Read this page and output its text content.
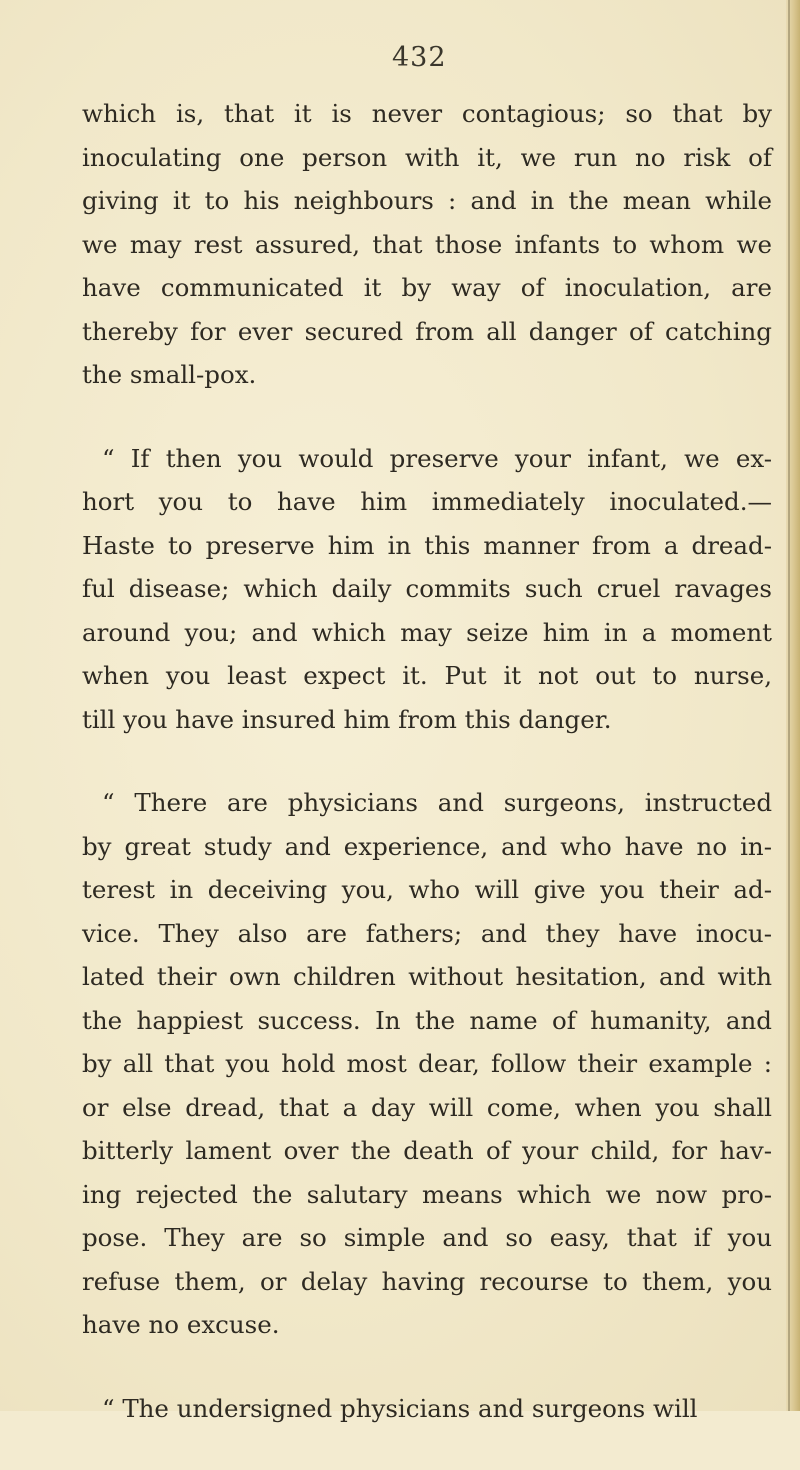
432
which is, that it is never contagious; so that by
inoculating one person with it, we run no risk of
giving it to his neighbours : and in the mean while
we may rest assured, that those infants to whom we
have communicated it by way of inoculation, are
thereby for ever secured from all danger of catching
the small-pox.
“ If then you would preserve your infant, we ex-
hort you to have him immediately inoculated.—
Haste to preserve him in this manner from a dread-
ful disease; which daily commits such cruel ravages
around you; and which may seize him in a moment
when you least expect it. Put it not out to nurse,
till you have insured him from this danger.
“ There are physicians and surgeons, instructed
by great study and experience, and who have no in-
terest in deceiving you, who will give you their ad-
vice. They also are fathers; and they have inocu-
lated their own children without hesitation, and with
the happiest success. In the name of humanity, and
by all that you hold most dear, follow their example :
or else dread, that a day will come, when you shall
bitterly lament over the death of your child, for hav-
ing rejected the salutary means which we now pro-
pose. They are so simple and so easy, that if you
refuse them, or delay having recourse to them, you
have no excuse.
“ The undersigned physicians and surgeons will
